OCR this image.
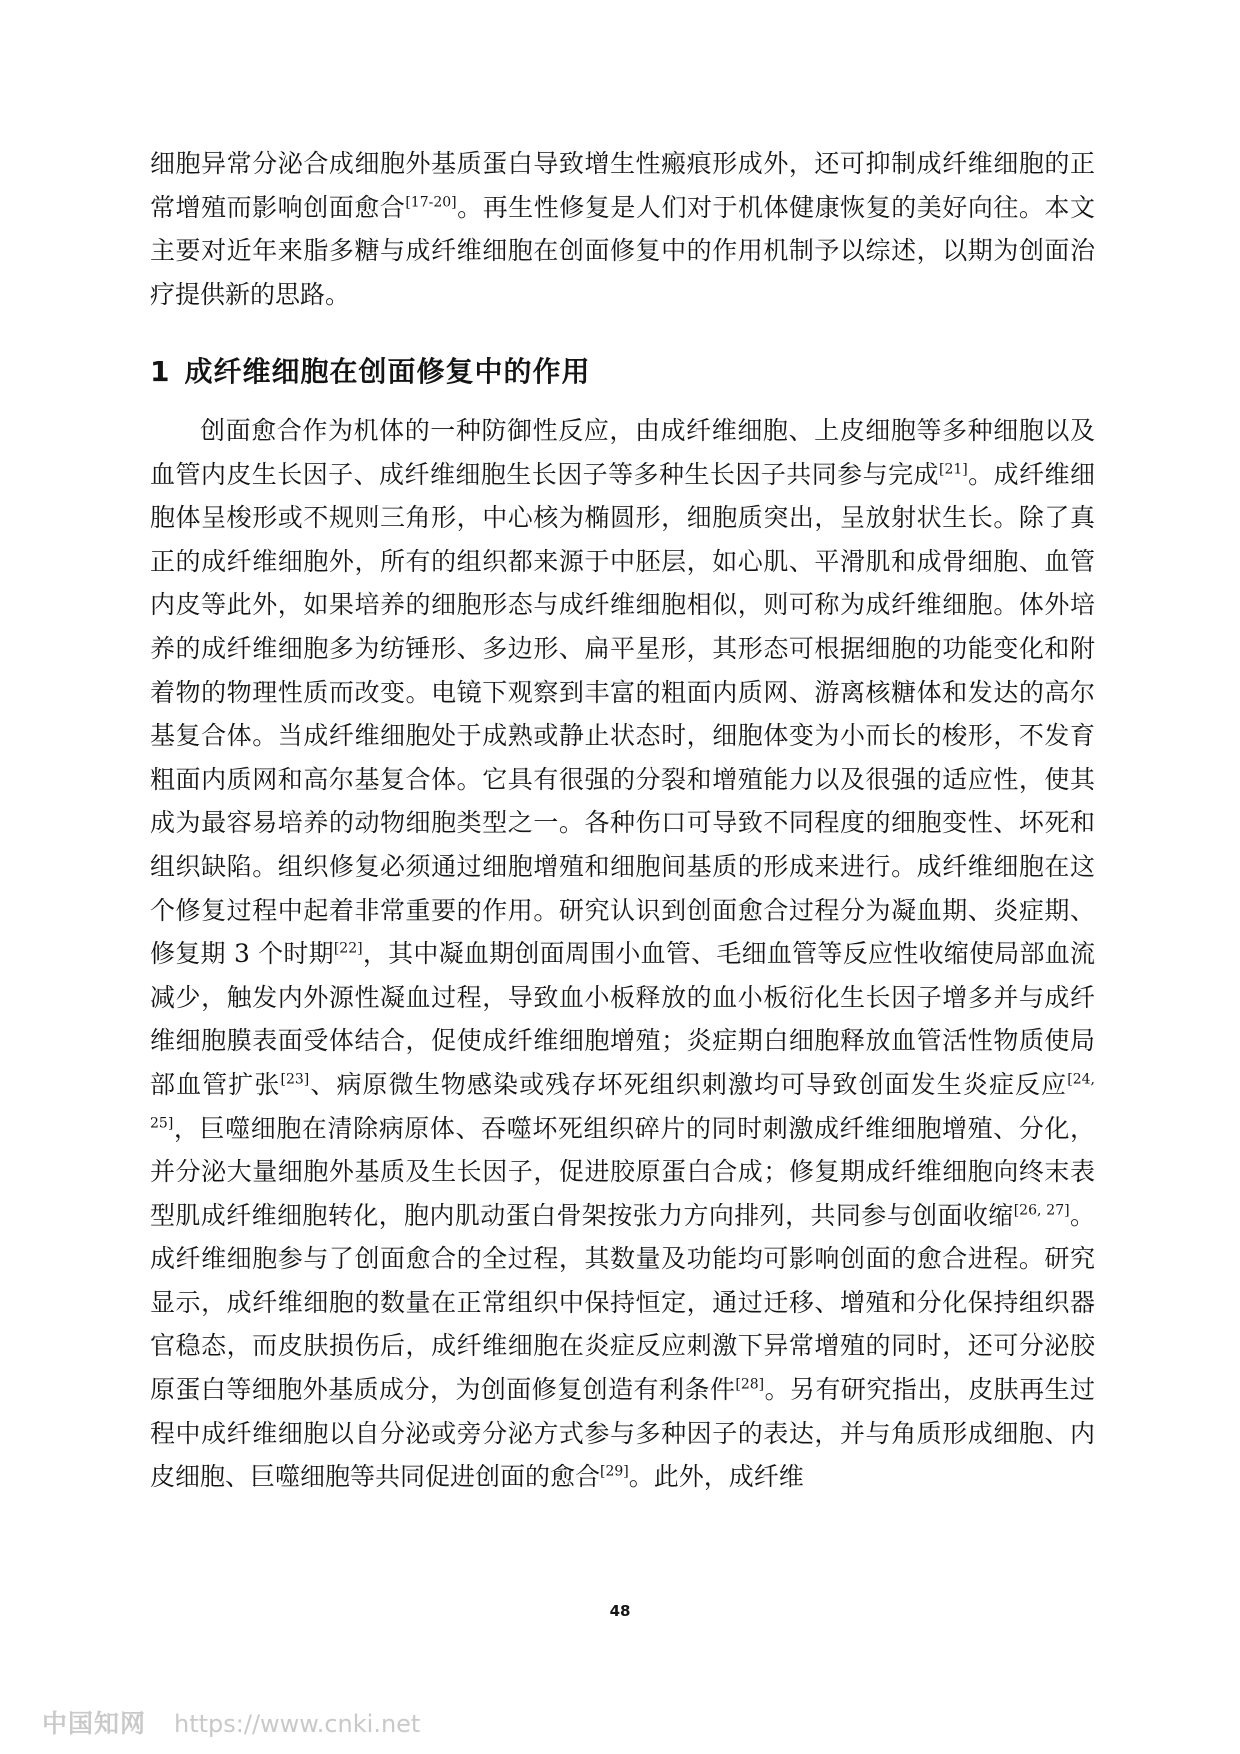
细胞异常分泌合成细胞外基质蛋白导致增生性瘢痕形成外，还可抑制成纤维细胞的正常增殖而影响创面愈合[17-20]。再生性修复是人们对于机体健康恢复的美好向往。本文主要对近年来脂多糖与成纤维细胞在创面修复中的作用机制予以综述，以期为创面治疗提供新的思路。

1 成纤维细胞在创面修复中的作用

创面愈合作为机体的一种防御性反应，由成纤维细胞、上皮细胞等多种细胞以及血管内皮生长因子、成纤维细胞生长因子等多种生长因子共同参与完成[21]。成纤维细胞体呈梭形或不规则三角形，中心核为椭圆形，细胞质突出，呈放射状生长。除了真正的成纤维细胞外，所有的组织都来源于中胚层，如心肌、平滑肌和成骨细胞、血管内皮等此外，如果培养的细胞形态与成纤维细胞相似，则可称为成纤维细胞。体外培养的成纤维细胞多为纺锤形、多边形、扁平星形，其形态可根据细胞的功能变化和附着物的物理性质而改变。电镜下观察到丰富的粗面内质网、游离核糖体和发达的高尔基复合体。当成纤维细胞处于成熟或静止状态时，细胞体变为小而长的梭形，不发育粗面内质网和高尔基复合体。它具有很强的分裂和增殖能力以及很强的适应性，使其成为最容易培养的动物细胞类型之一。各种伤口可导致不同程度的细胞变性、坏死和组织缺陷。组织修复必须通过细胞增殖和细胞间基质的形成来进行。成纤维细胞在这个修复过程中起着非常重要的作用。研究认识到创面愈合过程分为凝血期、炎症期、修复期 3 个时期[22]，其中凝血期创面周围小血管、毛细血管等反应性收缩使局部血流减少，触发内外源性凝血过程，导致血小板释放的血小板衍化生长因子增多并与成纤维细胞膜表面受体结合，促使成纤维细胞增殖；炎症期白细胞释放血管活性物质使局部血管扩张[23]、病原微生物感染或残存坏死组织刺激均可导致创面发生炎症反应[24, 25]，巨噬细胞在清除病原体、吞噬坏死组织碎片的同时刺激成纤维细胞增殖、分化，并分泌大量细胞外基质及生长因子，促进胶原蛋白合成；修复期成纤维细胞向终末表型肌成纤维细胞转化，胞内肌动蛋白骨架按张力方向排列，共同参与创面收缩[26, 27]。成纤维细胞参与了创面愈合的全过程，其数量及功能均可影响创面的愈合进程。研究显示，成纤维细胞的数量在正常组织中保持恒定，通过迁移、增殖和分化保持组织器官稳态，而皮肤损伤后，成纤维细胞在炎症反应刺激下异常增殖的同时，还可分泌胶原蛋白等细胞外基质成分，为创面修复创造有利条件[28]。另有研究指出，皮肤再生过程中成纤维细胞以自分泌或旁分泌方式参与多种因子的表达，并与角质形成细胞、内皮细胞、巨噬细胞等共同促进创面的愈合[29]。此外，成纤维

48
中国知网 https://www.cnki.net
